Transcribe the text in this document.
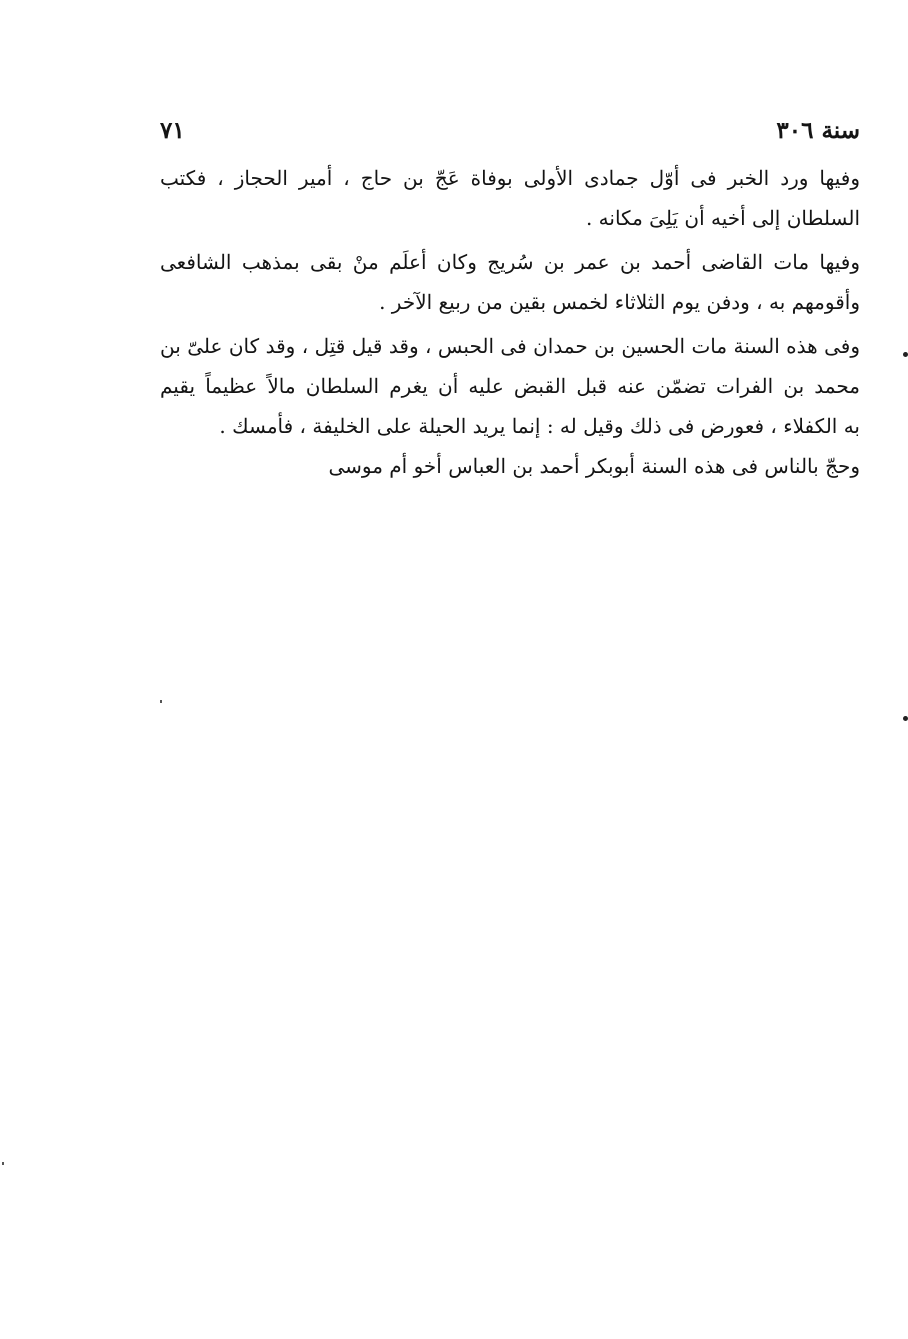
سنة ٣٠٦
٧١
وفيها ورد الخبر فى أوّل جمادى الأولى بوفاة عَجّ بن حاج ، أمير الحجاز ، فكتب
السلطان إلى أخيه أن يَلِىَ مكانه .
وفيها مات القاضى أحمد بن عمر بن سُريج وكان أعلَم منْ بقى بمذهب الشافعى
وأقومهم به ، ودفن يوم الثلاثاء لخمس بقين من ربيع الآخر .
وفى هذه السنة مات الحسين بن حمدان فى الحبس ، وقد قيل قتِل ، وقد كان علىّ بن
محمد بن الفرات تضمّن عنه قبل القبض عليه أن يغرم السلطان مالاً عظيماً يقيم
به الكفلاء ، فعورض فى ذلك وقيل له : إنما يريد الحيلة على الخليفة ، فأمسك .
وحجّ بالناس فى هذه السنة أبوبكر أحمد بن العباس أخو أم موسى
